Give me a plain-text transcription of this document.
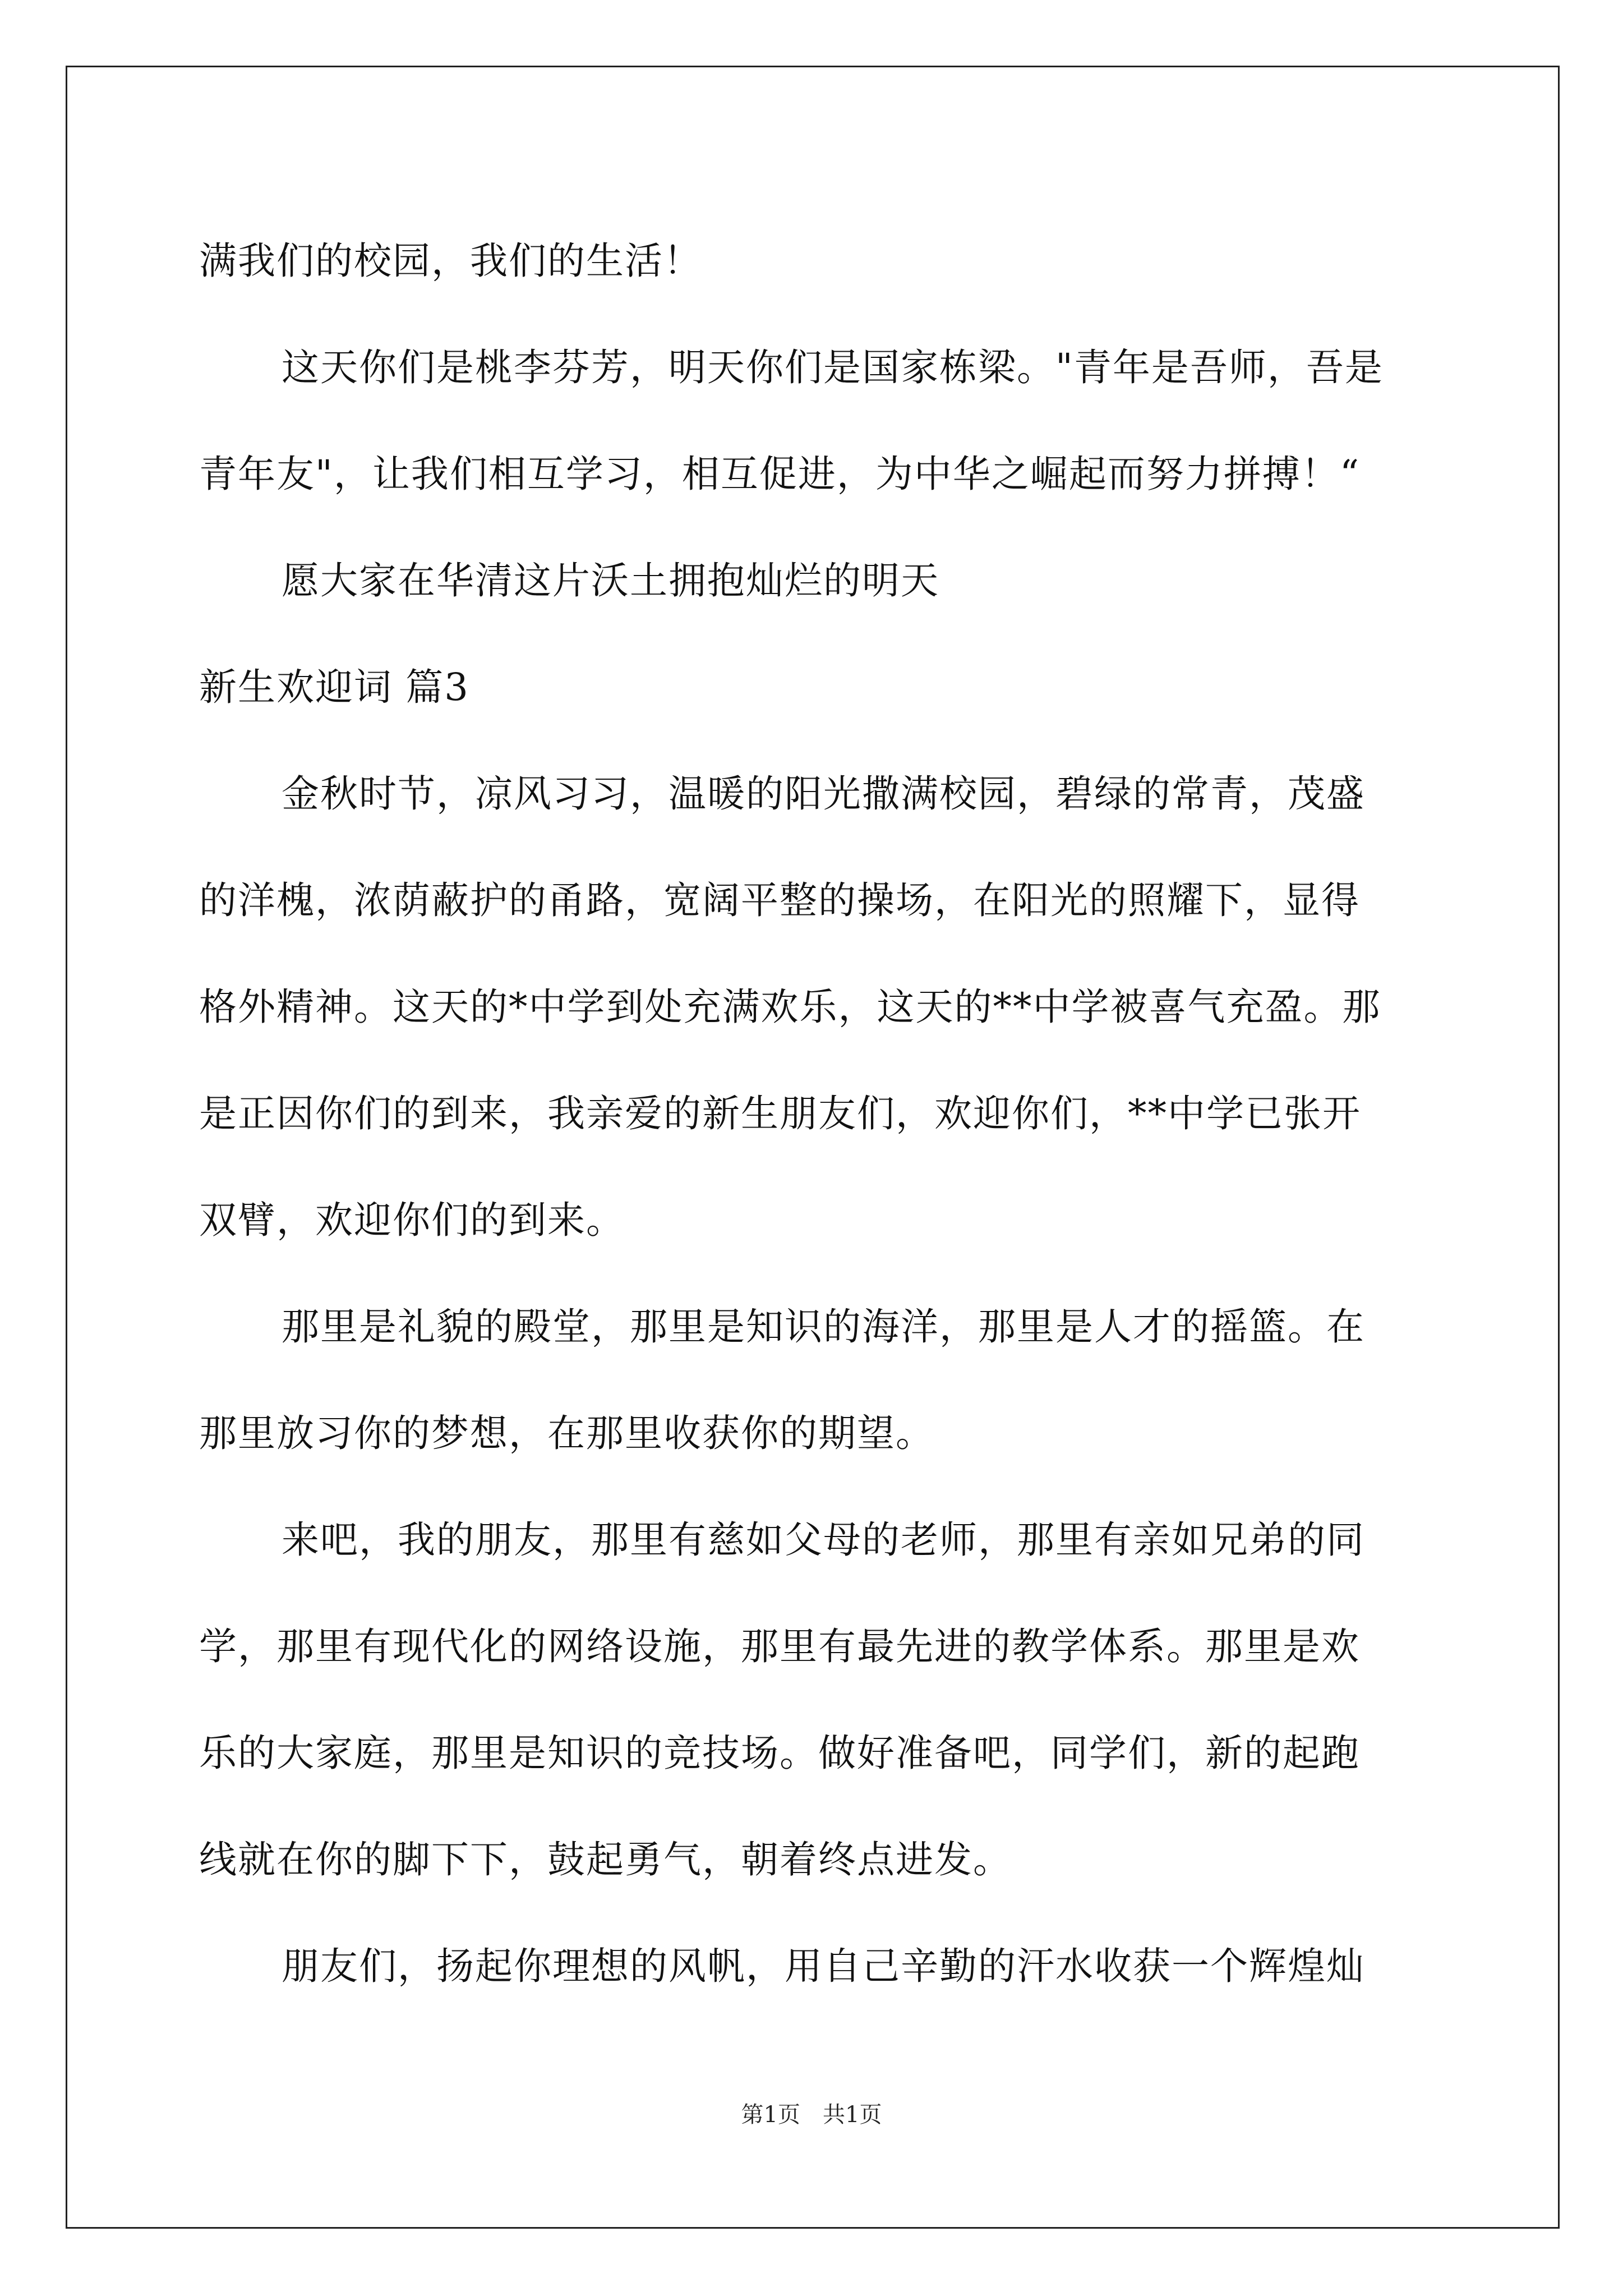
满我们的校园，我们的生活！
这天你们是桃李芬芳，明天你们是国家栋梁。"青年是吾师，吾是
青年友"，让我们相互学习，相互促进，为中华之崛起而努力拼搏！“
愿大家在华清这片沃土拥抱灿烂的明天
新生欢迎词 篇3
金秋时节，凉风习习，温暖的阳光撒满校园，碧绿的常青，茂盛
的洋槐，浓荫蔽护的甬路，宽阔平整的操场，在阳光的照耀下，显得
格外精神。这天的*中学到处充满欢乐，这天的**中学被喜气充盈。那
是正因你们的到来，我亲爱的新生朋友们，欢迎你们，**中学已张开
双臂，欢迎你们的到来。
那里是礼貌的殿堂，那里是知识的海洋，那里是人才的摇篮。在
那里放习你的梦想，在那里收获你的期望。
来吧，我的朋友，那里有慈如父母的老师，那里有亲如兄弟的同
学，那里有现代化的网络设施，那里有最先进的教学体系。那里是欢
乐的大家庭，那里是知识的竞技场。做好准备吧，同学们，新的起跑
线就在你的脚下下，鼓起勇气，朝着终点进发。
朋友们，扬起你理想的风帆，用自己辛勤的汗水收获一个辉煌灿
第1页　共1页
